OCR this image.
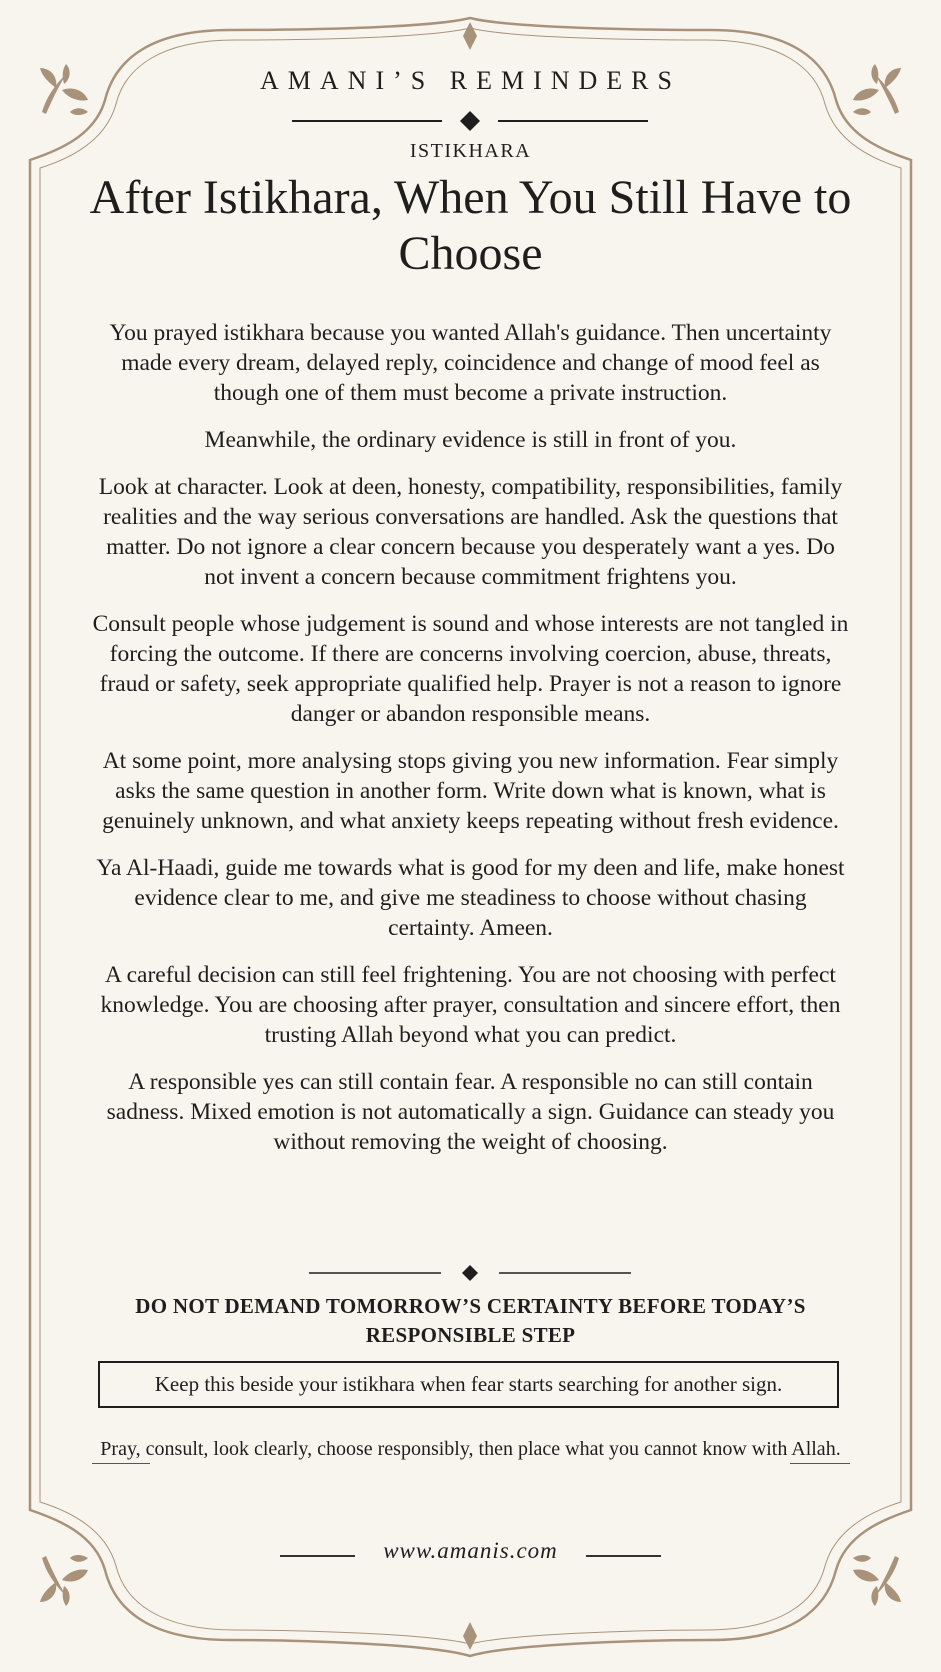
AMANI’S REMINDERS
ISTIKHARA
After Istikhara, When You Still Have to Choose

You prayed istikhara because you wanted Allah's guidance. Then uncertainty made every dream, delayed reply, coincidence and change of mood feel as though one of them must become a private instruction.

Meanwhile, the ordinary evidence is still in front of you.

Look at character. Look at deen, honesty, compatibility, responsibilities, family realities and the way serious conversations are handled. Ask the questions that matter. Do not ignore a clear concern because you desperately want a yes. Do not invent a concern because commitment frightens you.

Consult people whose judgement is sound and whose interests are not tangled in forcing the outcome. If there are concerns involving coercion, abuse, threats, fraud or safety, seek appropriate qualified help. Prayer is not a reason to ignore danger or abandon responsible means.

At some point, more analysing stops giving you new information. Fear simply asks the same question in another form. Write down what is known, what is genuinely unknown, and what anxiety keeps repeating without fresh evidence.

Ya Al-Haadi, guide me towards what is good for my deen and life, make honest evidence clear to me, and give me steadiness to choose without chasing certainty. Ameen.

A careful decision can still feel frightening. You are not choosing with perfect knowledge. You are choosing after prayer, consultation and sincere effort, then trusting Allah beyond what you can predict.

A responsible yes can still contain fear. A responsible no can still contain sadness. Mixed emotion is not automatically a sign. Guidance can steady you without removing the weight of choosing.

DO NOT DEMAND TOMORROW’S CERTAINTY BEFORE TODAY’S RESPONSIBLE STEP
Keep this beside your istikhara when fear starts searching for another sign.
Pray, consult, look clearly, choose responsibly, then place what you cannot know with Allah.
www.amanis.com
